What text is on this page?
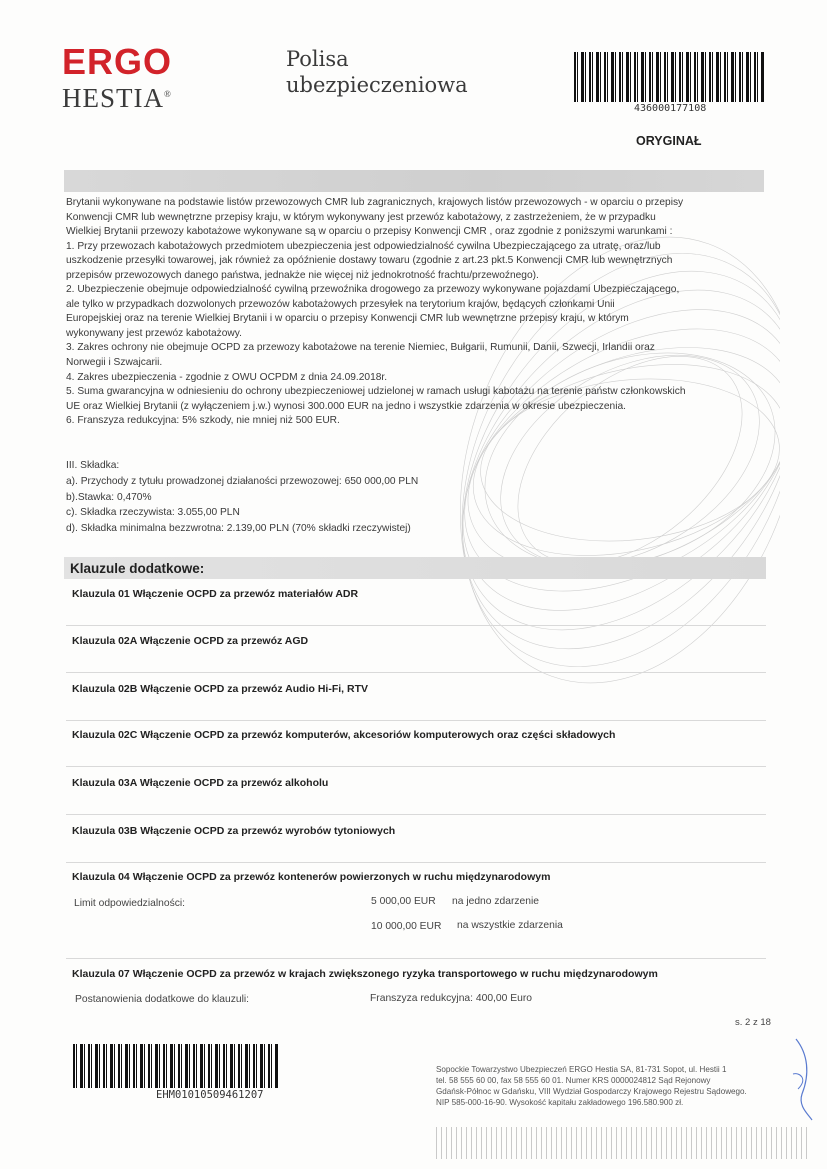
ERGO
HESTIA®
Polisa
ubezpieczeniowa
436000177108
ORYGINAŁ
Brytanii wykonywane na podstawie listów przewozowych CMR lub zagranicznych, krajowych listów przewozowych - w oparciu o przepisy
Konwencji CMR lub wewnętrzne przepisy kraju, w którym wykonywany jest przewóz kabotażowy, z zastrzeżeniem, że w przypadku
Wielkiej Brytanii przewozy kabotażowe wykonywane są w oparciu o przepisy Konwencji CMR , oraz zgodnie z poniższymi warunkami :
1. Przy przewozach kabotażowych przedmiotem ubezpieczenia jest odpowiedzialność cywilna Ubezpieczającego za utratę, oraz/lub
uszkodzenie przesyłki towarowej, jak również za opóźnienie dostawy towaru (zgodnie z art.23 pkt.5 Konwencji CMR lub wewnętrznych
przepisów przewozowych danego państwa, jednakże nie więcej niż jednokrotność frachtu/przewoźnego).
2. Ubezpieczenie obejmuje odpowiedzialność cywilną przewoźnika drogowego za przewozy wykonywane pojazdami Ubezpieczającego,
ale tylko w przypadkach dozwolonych przewozów kabotażowych przesyłek na terytorium krajów, będących członkami Unii
Europejskiej oraz na terenie Wielkiej Brytanii i w oparciu o przepisy Konwencji CMR lub wewnętrzne przepisy kraju, w którym
wykonywany jest przewóz kabotażowy.
3. Zakres ochrony nie obejmuje OCPD za przewozy kabotażowe na terenie Niemiec, Bułgarii, Rumunii, Danii, Szwecji, Irlandii oraz
Norwegii i Szwajcarii.
4. Zakres ubezpieczenia - zgodnie z OWU OCPDM z dnia 24.09.2018r.
5. Suma gwarancyjna w odniesieniu do ochrony ubezpieczeniowej udzielonej w ramach usługi kabotażu na terenie państw członkowskich
UE oraz Wielkiej Brytanii (z wyłączeniem j.w.) wynosi 300.000 EUR na jedno i wszystkie zdarzenia w okresie ubezpieczenia.
6. Franszyza redukcyjna: 5% szkody, nie mniej niż 500 EUR.
III. Składka:
a). Przychody z tytułu prowadzonej działaności przewozowej: 650 000,00 PLN
b).Stawka: 0,470%
c). Składka rzeczywista: 3.055,00 PLN
d). Składka minimalna bezzwrotna: 2.139,00 PLN (70% składki rzeczywistej)
Klauzule dodatkowe:
Klauzula 01 Włączenie OCPD za przewóz materiałów ADR
Klauzula 02A Włączenie OCPD za przewóz AGD
Klauzula 02B Włączenie OCPD za przewóz Audio Hi-Fi, RTV
Klauzula 02C Włączenie OCPD za przewóz komputerów, akcesoriów komputerowych oraz części składowych
Klauzula 03A Włączenie OCPD za przewóz alkoholu
Klauzula 03B Włączenie OCPD za przewóz wyrobów tytoniowych
Klauzula 04 Włączenie OCPD za przewóz kontenerów powierzonych w ruchu międzynarodowym
Limit odpowiedzialności:	5 000,00 EUR na jedno zdarzenie
10 000,00 EUR na wszystkie zdarzenia
Klauzula 07 Włączenie OCPD za przewóz w krajach zwiększonego ryzyka transportowego w ruchu międzynarodowym
Postanowienia dodatkowe do klauzuli:	Franszyza redukcyjna: 400,00 Euro
s. 2 z 18
EHM01010509461207
Sopockie Towarzystwo Ubezpieczeń ERGO Hestia SA, 81-731 Sopot, ul. Hestii 1
tel. 58 555 60 00, fax 58 555 60 01. Numer KRS 0000024812 Sąd Rejonowy
Gdańsk-Północ w Gdańsku, VIII Wydział Gospodarczy Krajowego Rejestru Sądowego.
NIP 585-000-16-90. Wysokość kapitału zakładowego 196.580.900 zł.
